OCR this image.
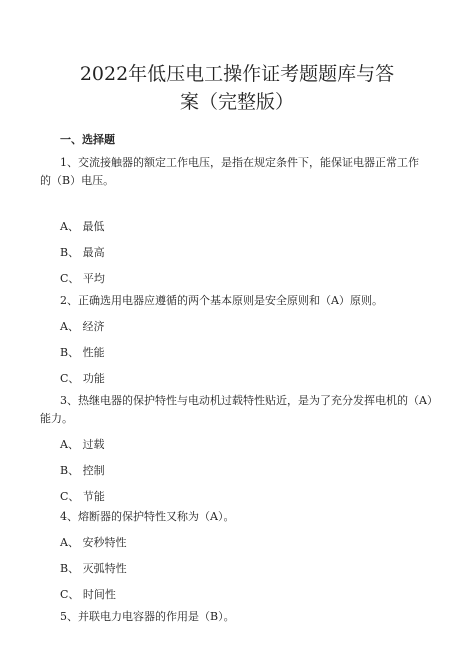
2022年低压电工操作证考题题库与答
案（完整版）
一、选择题
1、交流接触器的额定工作电压，是指在规定条件下，能保证电器正常工作
的（B）电压。
A、 最低
B、 最高
C、 平均
2、正确选用电器应遵循的两个基本原则是安全原则和（A）原则。
A、 经济
B、 性能
C、 功能
3、热继电器的保护特性与电动机过载特性贴近，是为了充分发挥电机的（A）
能力。
A、 过载
B、 控制
C、 节能
4、熔断器的保护特性又称为（A）。
A、 安秒特性
B、 灭弧特性
C、 时间性
5、并联电力电容器的作用是（B）。
